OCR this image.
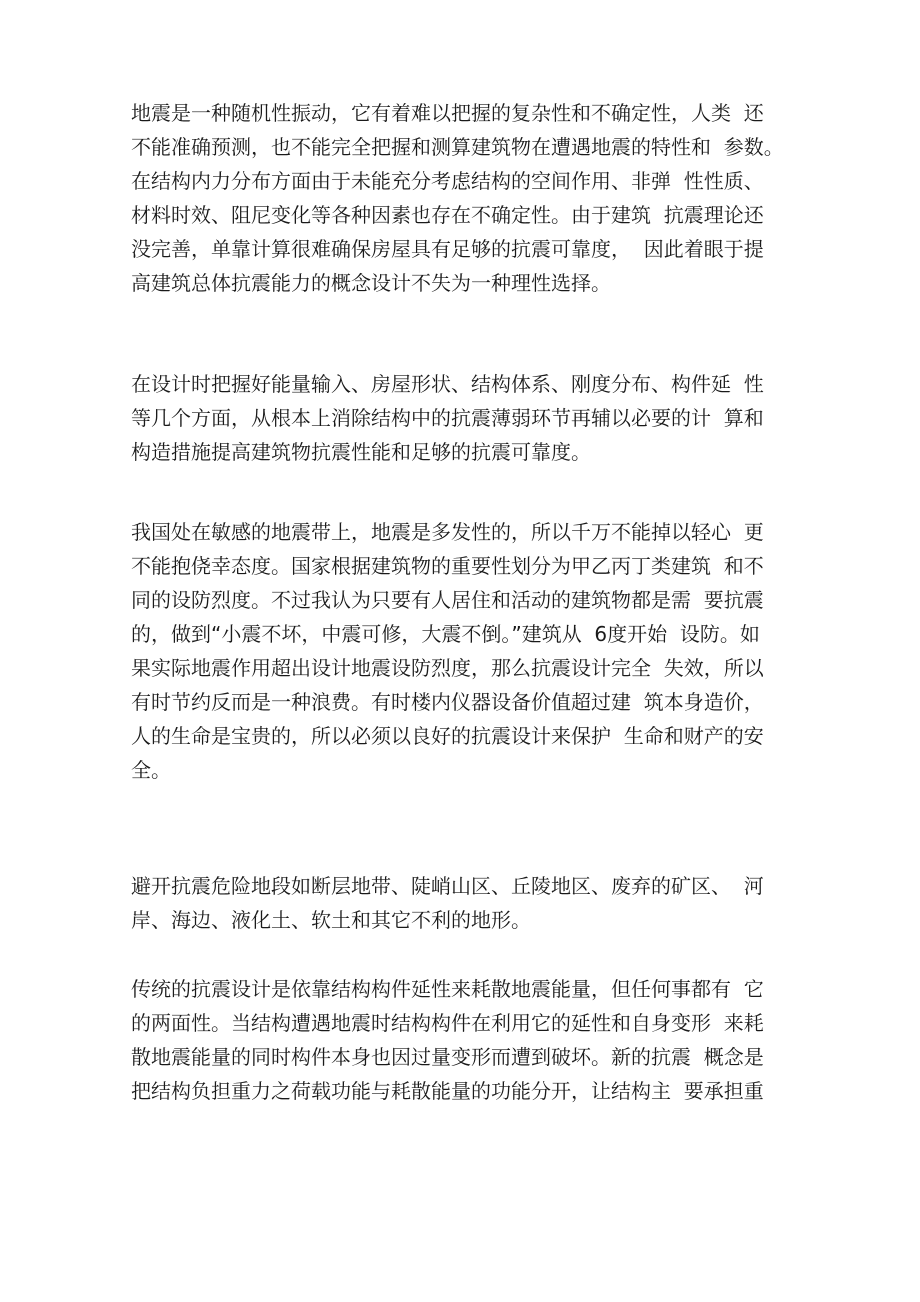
地震是一种随机性振动，它有着难以把握的复杂性和不确定性，人类  还
不能准确预测，也不能完全把握和测算建筑物在遭遇地震的特性和  参数。
在结构内力分布方面由于未能充分考虑结构的空间作用、非弹  性性质、
材料时效、阻尼变化等各种因素也存在不确定性。由于建筑  抗震理论还
没完善，单靠计算很难确保房屋具有足够的抗震可靠度，  因此着眼于提
高建筑总体抗震能力的概念设计不失为一种理性选择。
在设计时把握好能量输入、房屋形状、结构体系、刚度分布、构件延  性
等几个方面，从根本上消除结构中的抗震薄弱环节再辅以必要的计  算和
构造措施提高建筑物抗震性能和足够的抗震可靠度。
我国处在敏感的地震带上，地震是多发性的，所以千万不能掉以轻心  更
不能抱侥幸态度。国家根据建筑物的重要性划分为甲乙丙丁类建筑  和不
同的设防烈度。不过我认为只要有人居住和活动的建筑物都是需  要抗震
的，做到“小震不坏，中震可修，大震不倒。”建筑从  6度开始  设防。如
果实际地震作用超出设计地震设防烈度，那么抗震设计完全  失效，所以
有时节约反而是一种浪费。有时楼内仪器设备价值超过建  筑本身造价，
人的生命是宝贵的，所以必须以良好的抗震设计来保护  生命和财产的安
全。
避开抗震危险地段如断层地带、陡峭山区、丘陵地区、废弃的矿区、  河
岸、海边、液化土、软土和其它不利的地形。
传统的抗震设计是依靠结构构件延性来耗散地震能量，但任何事都有  它
的两面性。当结构遭遇地震时结构构件在利用它的延性和自身变形  来耗
散地震能量的同时构件本身也因过量变形而遭到破坏。新的抗震  概念是
把结构负担重力之荷载功能与耗散能量的功能分开，让结构主  要承担重
